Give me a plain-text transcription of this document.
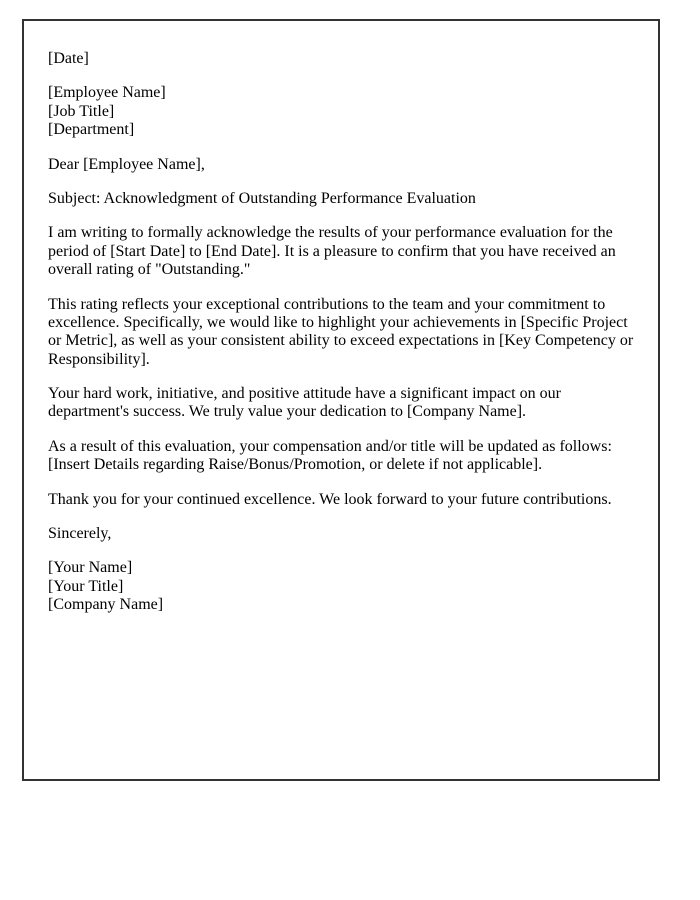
[Date]

[Employee Name]
[Job Title]
[Department]

Dear [Employee Name],

Subject: Acknowledgment of Outstanding Performance Evaluation

I am writing to formally acknowledge the results of your performance evaluation for the period of [Start Date] to [End Date]. It is a pleasure to confirm that you have received an overall rating of "Outstanding."

This rating reflects your exceptional contributions to the team and your commitment to excellence. Specifically, we would like to highlight your achievements in [Specific Project or Metric], as well as your consistent ability to exceed expectations in [Key Competency or Responsibility].

Your hard work, initiative, and positive attitude have a significant impact on our department's success. We truly value your dedication to [Company Name].

As a result of this evaluation, your compensation and/or title will be updated as follows: [Insert Details regarding Raise/Bonus/Promotion, or delete if not applicable].

Thank you for your continued excellence. We look forward to your future contributions.

Sincerely,

[Your Name]
[Your Title]
[Company Name]
